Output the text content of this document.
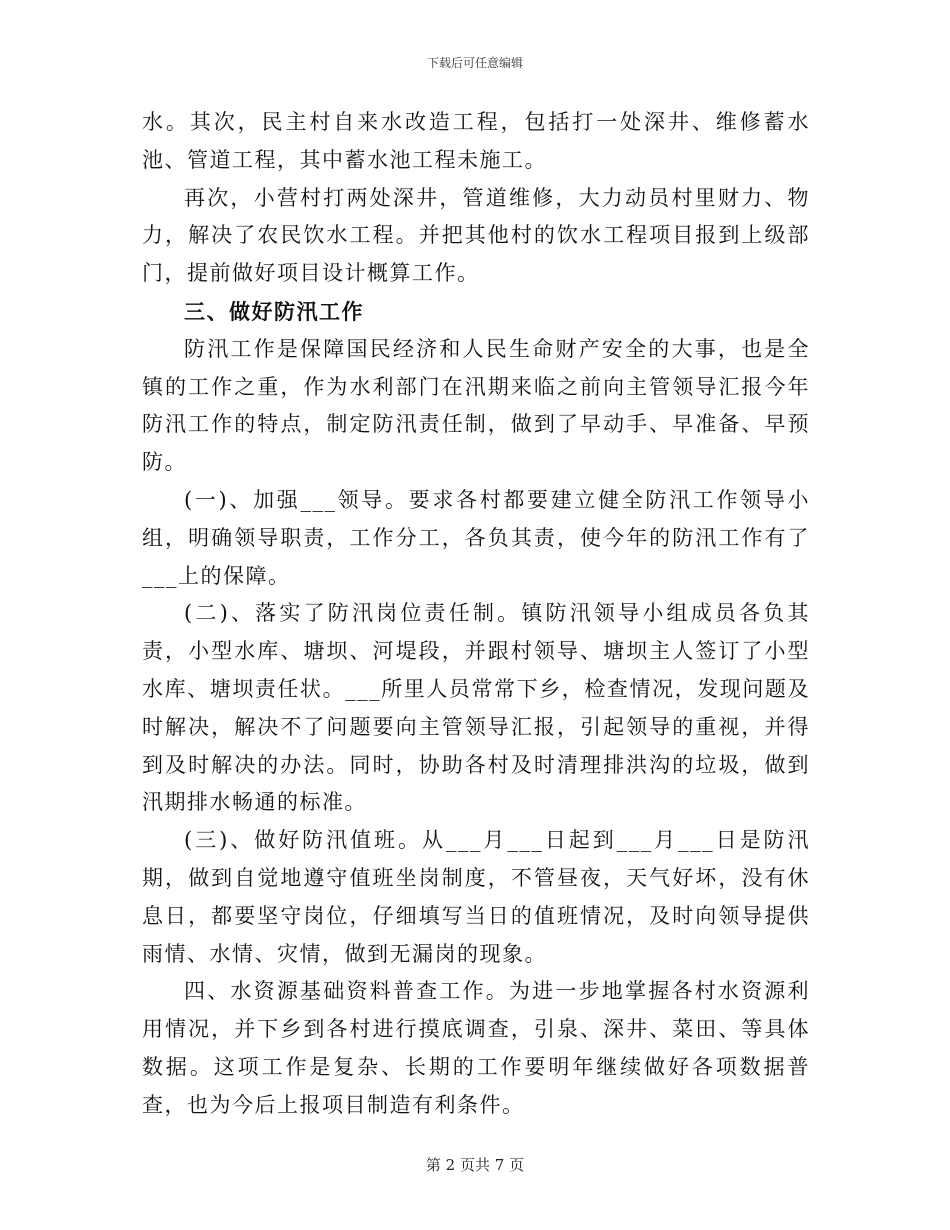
下载后可任意编辑

水。其次，民主村自来水改造工程，包括打一处深井、维修蓄水池、管道工程，其中蓄水池工程未施工。

再次，小营村打两处深井，管道维修，大力动员村里财力、物力，解决了农民饮水工程。并把其他村的饮水工程项目报到上级部门，提前做好项目设计概算工作。

三、做好防汛工作

防汛工作是保障国民经济和人民生命财产安全的大事，也是全镇的工作之重，作为水利部门在汛期来临之前向主管领导汇报今年防汛工作的特点，制定防汛责任制，做到了早动手、早准备、早预防。

(一)、加强___领导。要求各村都要建立健全防汛工作领导小组，明确领导职责，工作分工，各负其责，使今年的防汛工作有了___上的保障。

(二)、落实了防汛岗位责任制。镇防汛领导小组成员各负其责，小型水库、塘坝、河堤段，并跟村领导、塘坝主人签订了小型水库、塘坝责任状。___所里人员常常下乡，检查情况，发现问题及时解决，解决不了问题要向主管领导汇报，引起领导的重视，并得到及时解决的办法。同时，协助各村及时清理排洪沟的垃圾，做到汛期排水畅通的标准。

(三)、做好防汛值班。从___月___日起到___月___日是防汛期，做到自觉地遵守值班坐岗制度，不管昼夜，天气好坏，没有休息日，都要坚守岗位，仔细填写当日的值班情况，及时向领导提供雨情、水情、灾情，做到无漏岗的现象。

四、水资源基础资料普查工作。为进一步地掌握各村水资源利用情况，并下乡到各村进行摸底调查，引泉、深井、菜田、等具体数据。这项工作是复杂、长期的工作要明年继续做好各项数据普查，也为今后上报项目制造有利条件。

第 2 页共 7 页
